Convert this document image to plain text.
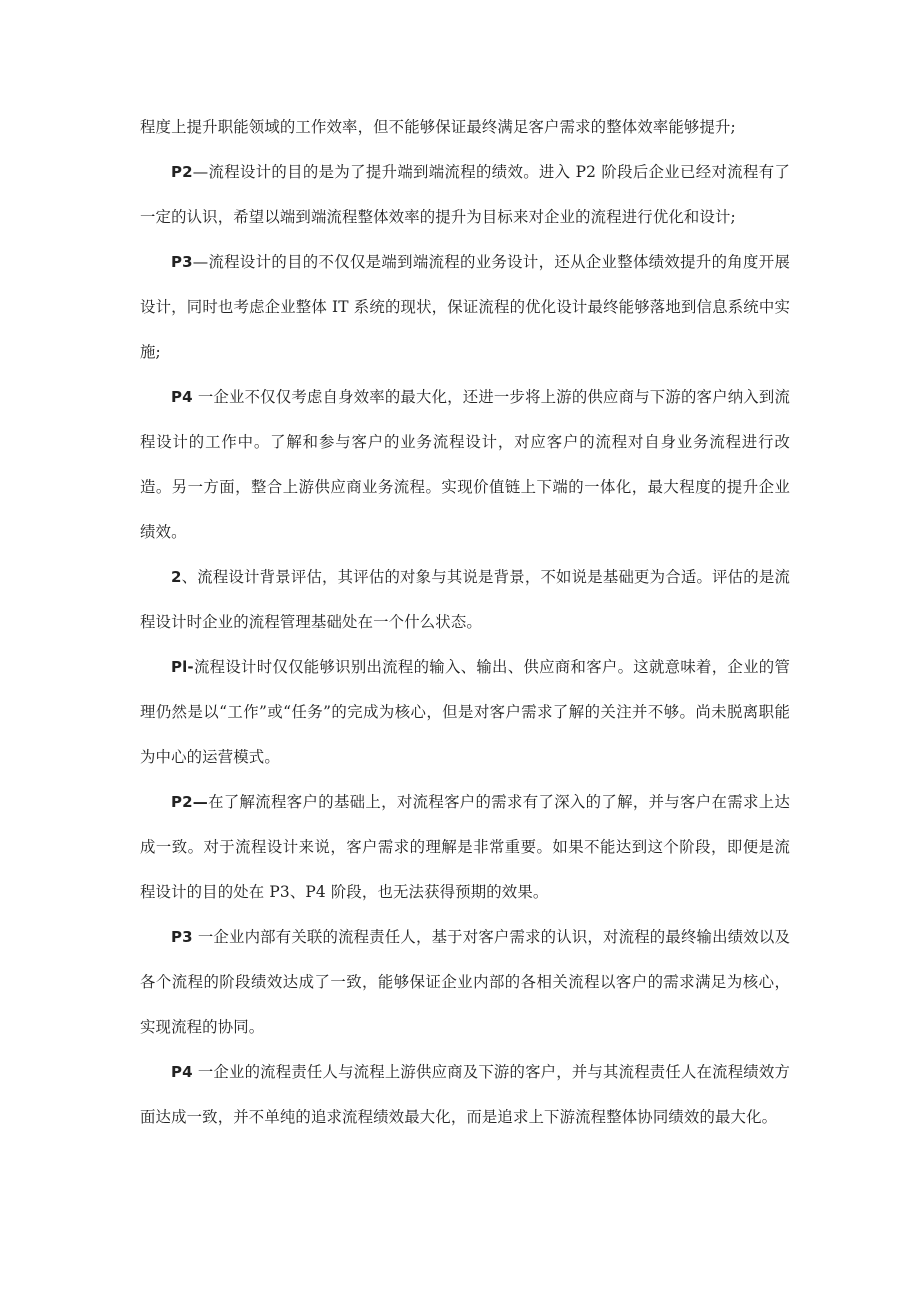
程度上提升职能领域的工作效率，但不能够保证最终满足客户需求的整体效率能够提升;

P2—流程设计的目的是为了提升端到端流程的绩效。进入 P2 阶段后企业已经对流程有了一定的认识，希望以端到端流程整体效率的提升为目标来对企业的流程进行优化和设计;

P3—流程设计的目的不仅仅是端到端流程的业务设计，还从企业整体绩效提升的角度开展设计，同时也考虑企业整体 IT 系统的现状，保证流程的优化设计最终能够落地到信息系统中实施;

P4 一企业不仅仅考虑自身效率的最大化，还进一步将上游的供应商与下游的客户纳入到流程设计的工作中。了解和参与客户的业务流程设计，对应客户的流程对自身业务流程进行改造。另一方面，整合上游供应商业务流程。实现价值链上下端的一体化，最大程度的提升企业绩效。

2、流程设计背景评估，其评估的对象与其说是背景，不如说是基础更为合适。评估的是流程设计时企业的流程管理基础处在一个什么状态。

Pl-流程设计时仅仅能够识别出流程的输入、输出、供应商和客户。这就意味着，企业的管理仍然是以“工作”或“任务”的完成为核心，但是对客户需求了解的关注并不够。尚未脱离职能为中心的运营模式。

P2—在了解流程客户的基础上，对流程客户的需求有了深入的了解，并与客户在需求上达成一致。对于流程设计来说，客户需求的理解是非常重要。如果不能达到这个阶段，即便是流程设计的目的处在 P3、P4 阶段，也无法获得预期的效果。

P3 一企业内部有关联的流程责任人，基于对客户需求的认识，对流程的最终输出绩效以及各个流程的阶段绩效达成了一致，能够保证企业内部的各相关流程以客户的需求满足为核心，实现流程的协同。

P4 一企业的流程责任人与流程上游供应商及下游的客户，并与其流程责任人在流程绩效方面达成一致，并不单纯的追求流程绩效最大化，而是追求上下游流程整体协同绩效的最大化。
